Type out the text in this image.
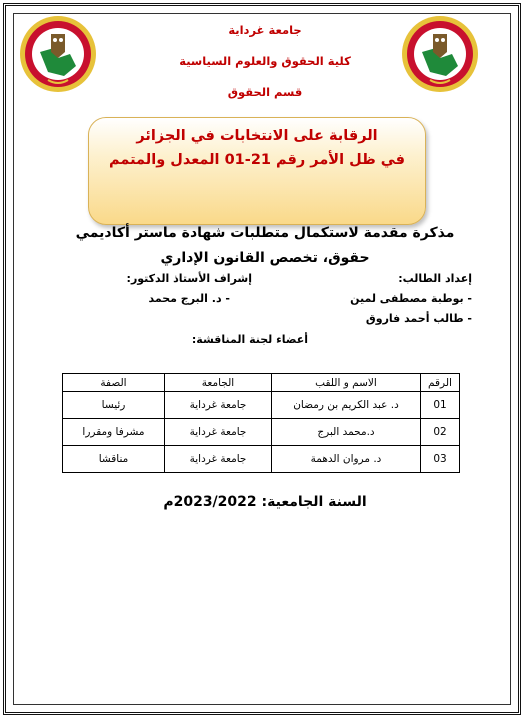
جامعة غرداية
كلية الحقوق والعلوم السياسية
قسم الحقوق
الرقابة على الانتخابات في الجزائر
في ظل الأمر رقم 21-01 المعدل والمتمم
مذكرة مقدمة لاستكمال متطلبات شهادة ماستر أكاديمي
حقوق، تخصص القانون الإداري
إعداد الطالب:
- بوطبة مصطفى لمين
- طالب أحمد فاروق
إشراف الأستاذ الدكتور:
- د. البرج محمد
أعضاء لجنة المناقشة:
الرقم	الاسم و اللقب	الجامعة	الصفة
01	د. عبد الكريم بن رمضان	جامعة غرداية	رئيسا
02	د.محمد البرج	جامعة غرداية	مشرفا ومقررا
03	د. مروان الدهمة	جامعة غرداية	مناقشا
السنة الجامعية: 2023/2022م
